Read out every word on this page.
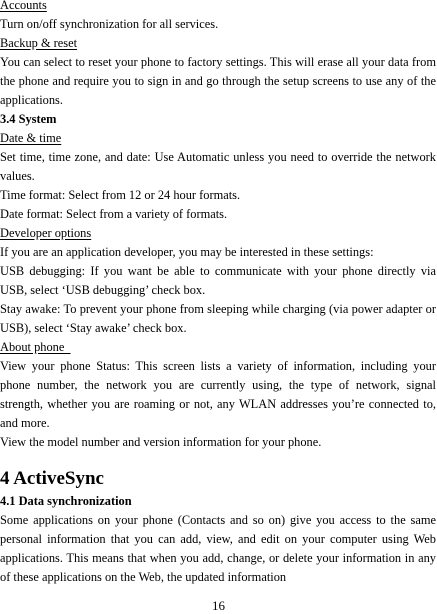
Accounts
Turn on/off synchronization for all services.
Backup & reset
You can select to reset your phone to factory settings. This will erase all your data from the phone and require you to sign in and go through the setup screens to use any of the applications.
3.4 System
Date & time
Set time, time zone, and date: Use Automatic unless you need to override the network values.
Time format: Select from 12 or 24 hour formats.
Date format: Select from a variety of formats.
Developer options
If you are an application developer, you may be interested in these settings:
USB debugging: If you want be able to communicate with your phone directly via USB, select ‘USB debugging’ check box.
Stay awake: To prevent your phone from sleeping while charging (via power adapter or USB), select ‘Stay awake’ check box.
About phone
View your phone Status: This screen lists a variety of information, including your phone number, the network you are currently using, the type of network, signal strength, whether you are roaming or not, any WLAN addresses you’re connected to, and more.
View the model number and version information for your phone.
4 ActiveSync
4.1 Data synchronization
Some applications on your phone (Contacts and so on) give you access to the same personal information that you can add, view, and edit on your computer using Web applications. This means that when you add, change, or delete your information in any of these applications on the Web, the updated information
16
